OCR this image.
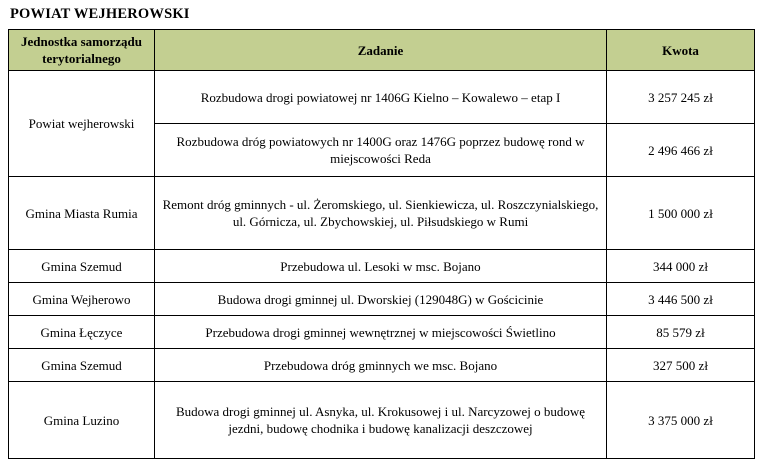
POWIAT WEJHEROWSKI
Jednostka samorządu terytorialnego	Zadanie	Kwota
Powiat wejherowski	Rozbudowa drogi powiatowej nr 1406G Kielno – Kowalewo – etap I	3 257 245 zł
	Rozbudowa dróg powiatowych nr 1400G oraz 1476G poprzez budowę rond w miejscowości Reda	2 496 466 zł
Gmina Miasta Rumia	Remont dróg gminnych - ul. Żeromskiego, ul. Sienkiewicza, ul. Roszczynialskiego, ul. Górnicza, ul. Zbychowskiej, ul. Piłsudskiego w Rumi	1 500 000 zł
Gmina Szemud	Przebudowa ul. Lesoki w msc. Bojano	344 000 zł
Gmina Wejherowo	Budowa drogi gminnej ul. Dworskiej (129048G) w Gościcinie	3 446 500 zł
Gmina Łęczyce	Przebudowa drogi gminnej wewnętrznej w miejscowości Świetlino	85 579 zł
Gmina Szemud	Przebudowa dróg gminnych we msc. Bojano	327 500 zł
Gmina Luzino	Budowa drogi gminnej ul. Asnyka, ul. Krokusowej i ul. Narcyzowej o budowę jezdni, budowę chodnika i budowę kanalizacji deszczowej	3 375 000 zł
